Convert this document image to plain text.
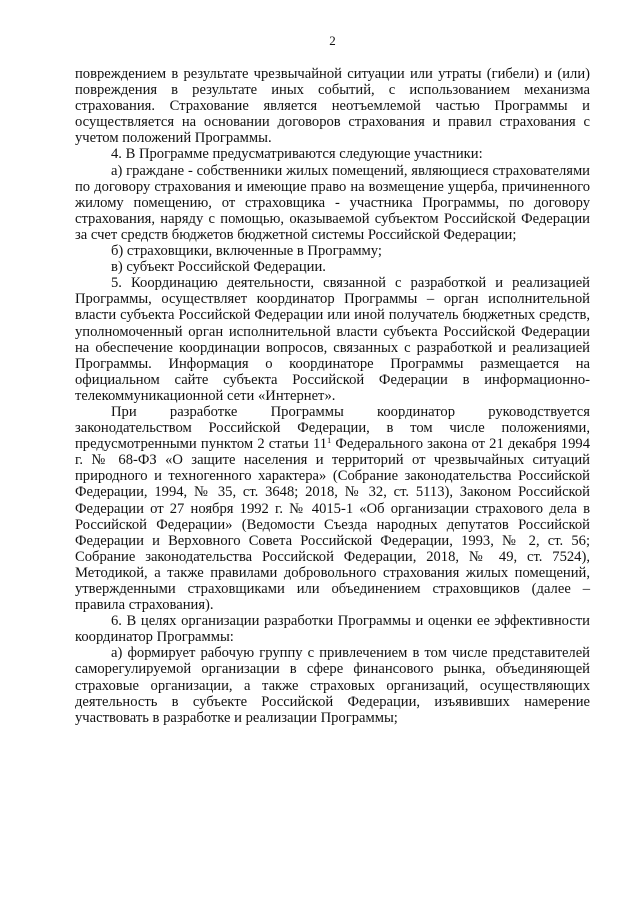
2

повреждением в результате чрезвычайной ситуации или утраты (гибели) и (или) повреждения в результате иных событий, с использованием механизма страхования. Страхование является неотъемлемой частью Программы и осуществляется на основании договоров страхования и правил страхования с учетом положений Программы.

4. В Программе предусматриваются следующие участники:

а) граждане - собственники жилых помещений, являющиеся страхователями по договору страхования и имеющие право на возмещение ущерба, причиненного жилому помещению, от страховщика - участника Программы, по договору страхования, наряду с помощью, оказываемой субъектом Российской Федерации за счет средств бюджетов бюджетной системы Российской Федерации;

б) страховщики, включенные в Программу;

в) субъект Российской Федерации.

5. Координацию деятельности, связанной с разработкой и реализацией Программы, осуществляет координатор Программы – орган исполнительной власти субъекта Российской Федерации или иной получатель бюджетных средств, уполномоченный орган исполнительной власти субъекта Российской Федерации на обеспечение координации вопросов, связанных с разработкой и реализацией Программы. Информация о координаторе Программы размещается на официальном сайте субъекта Российской Федерации в информационно-телекоммуникационной сети «Интернет».

При разработке Программы координатор руководствуется законодательством Российской Федерации, в том числе положениями, предусмотренными пунктом 2 статьи $11^1$ Федерального закона от 21 декабря 1994 г. № 68-ФЗ «О защите населения и территорий от чрезвычайных ситуаций природного и техногенного характера» (Собрание законодательства Российской Федерации, 1994, № 35, ст. 3648; 2018, № 32, ст. 5113), Законом Российской Федерации от 27 ноября 1992 г. № 4015-1 «Об организации страхового дела в Российской Федерации» (Ведомости Съезда народных депутатов Российской Федерации и Верховного Совета Российской Федерации, 1993, № 2, ст. 56; Собрание законодательства Российской Федерации, 2018, № 49, ст. 7524), Методикой, а также правилами добровольного страхования жилых помещений, утвержденными страховщиками или объединением страховщиков (далее – правила страхования).

6. В целях организации разработки Программы и оценки ее эффективности координатор Программы:

а) формирует рабочую группу с привлечением в том числе представителей саморегулируемой организации в сфере финансового рынка, объединяющей страховые организации, а также страховых организаций, осуществляющих деятельность в субъекте Российской Федерации, изъявивших намерение участвовать в разработке и реализации Программы;
